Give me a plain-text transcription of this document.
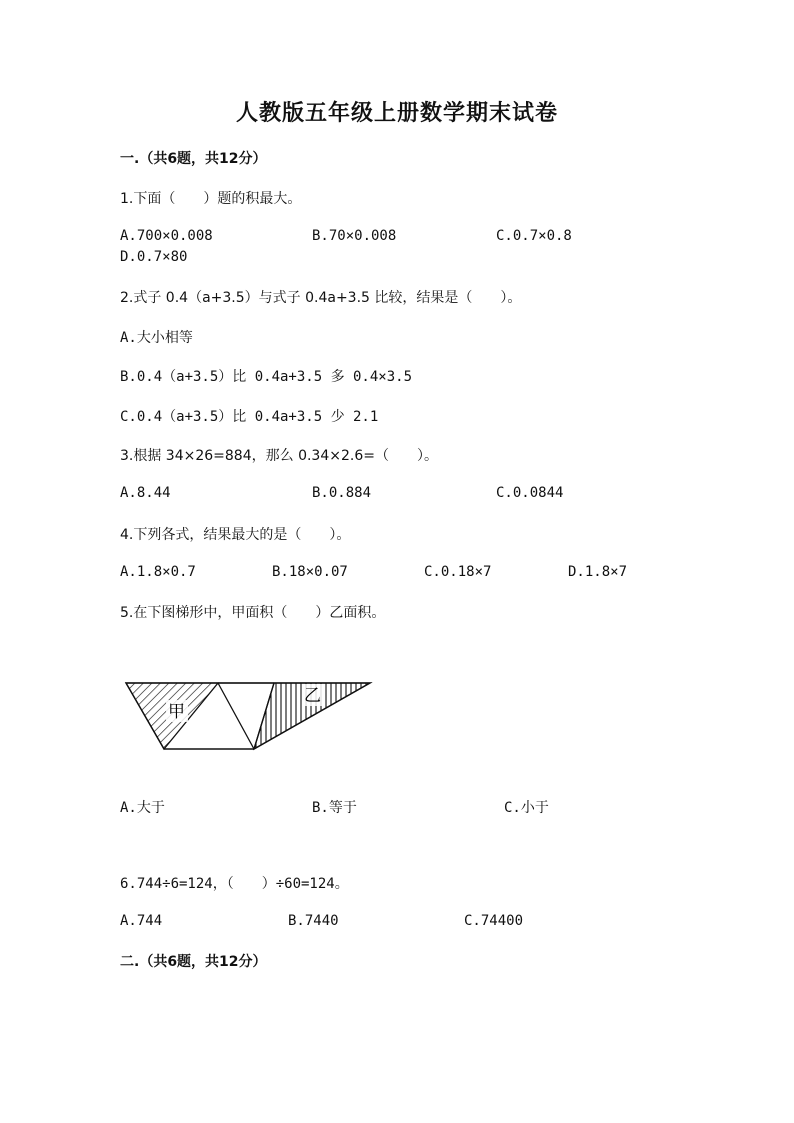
人教版五年级上册数学期末试卷
一.（共6题，共12分）
1.下面（　　）题的积最大。
A.700×0.008	B.70×0.008	C.0.7×0.8
D.0.7×80
2.式子 0.4（a+3.5）与式子 0.4a+3.5 比较，结果是（　　）。
A.大小相等
B.0.4（a+3.5）比 0.4a+3.5 多 0.4×3.5
C.0.4（a+3.5）比 0.4a+3.5 少 2.1
3.根据 34×26=884，那么 0.34×2.6=（　　）。
A.8.44	B.0.884	C.0.0844
4.下列各式，结果最大的是（　　）。
A.1.8×0.7	B.18×0.07	C.0.18×7	D.1.8×7
5.在下图梯形中，甲面积（　　）乙面积。
甲
乙
A.大于	B.等于	C.小于
6.744÷6=124，（　　）÷60=124。
A.744	B.7440	C.74400
二.（共6题，共12分）
